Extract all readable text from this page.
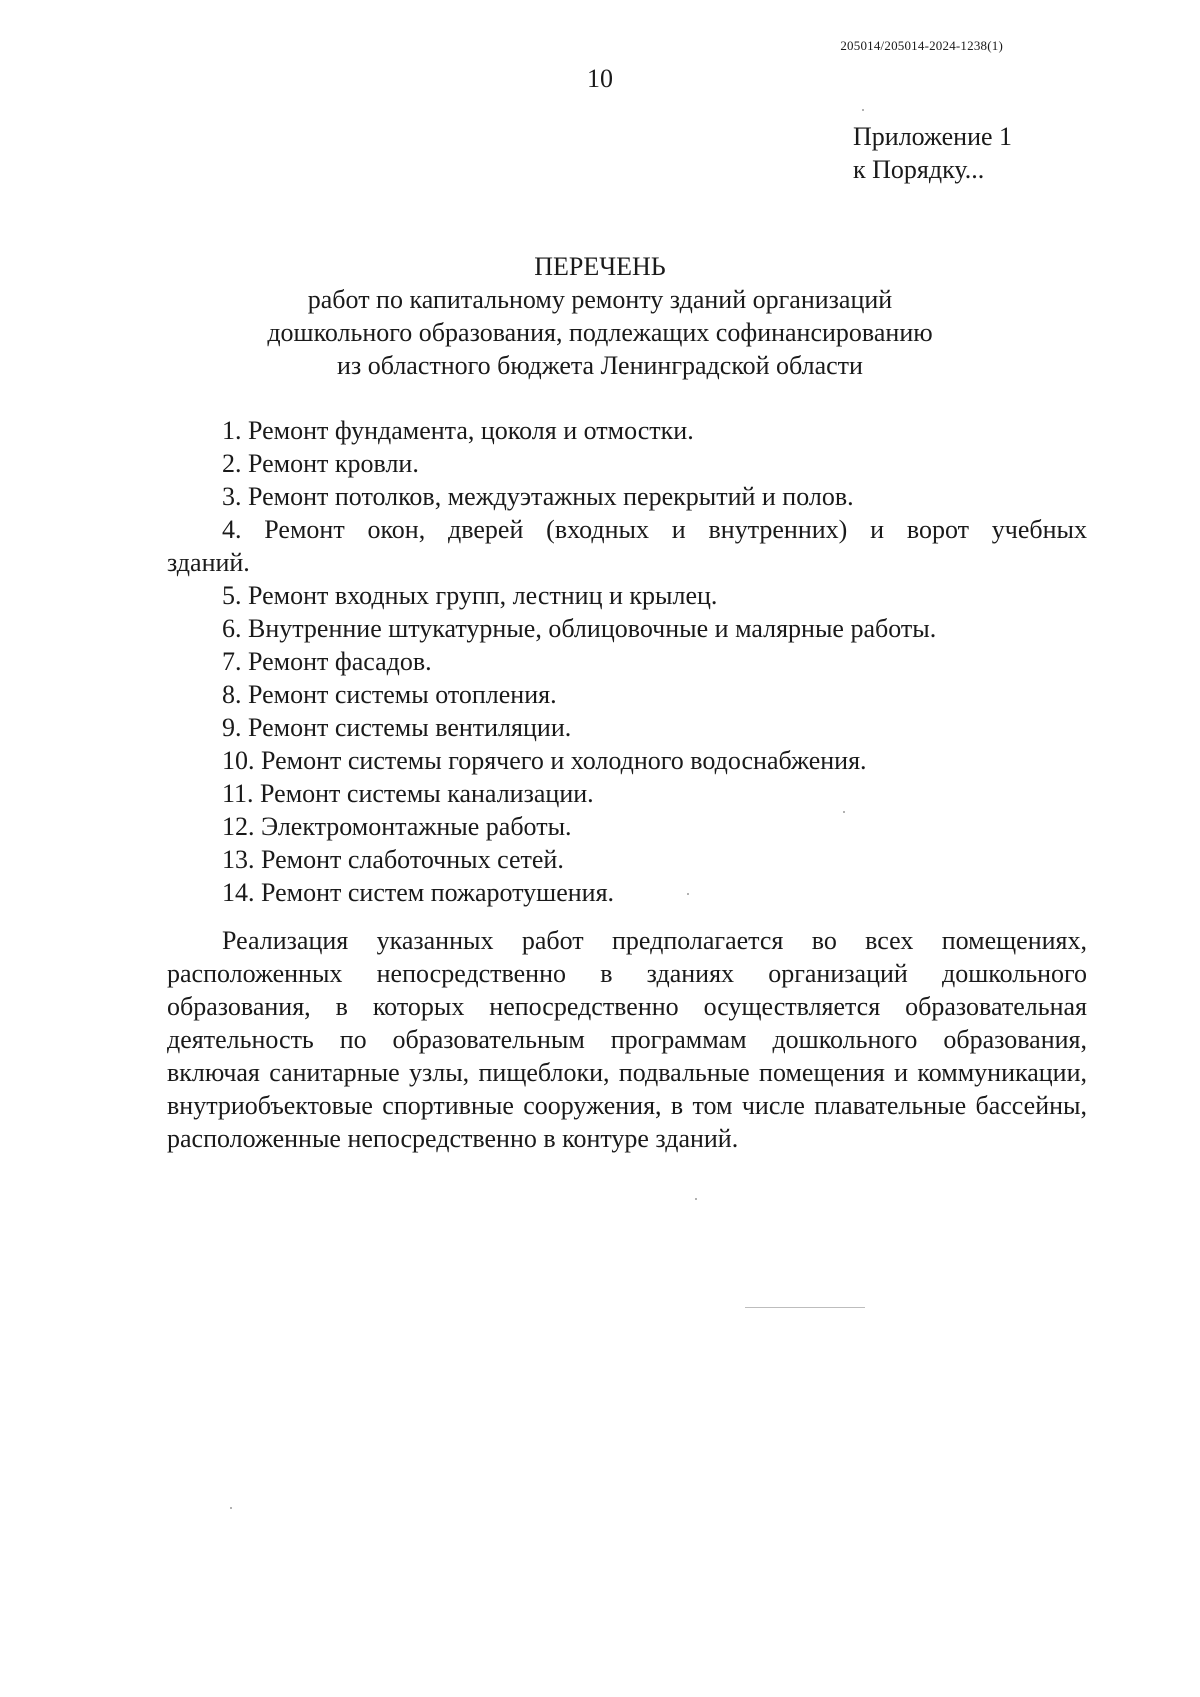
205014/205014-2024-1238(1)
10
Приложение 1
к Порядку...
ПЕРЕЧЕНЬ
работ по капитальному ремонту зданий организаций
дошкольного образования, подлежащих софинансированию
из областного бюджета Ленинградской области
1. Ремонт фундамента, цоколя и отмостки.
2. Ремонт кровли.
3. Ремонт потолков, междуэтажных перекрытий и полов.
4. Ремонт окон, дверей (входных и внутренних) и ворот учебных зданий.
5. Ремонт входных групп, лестниц и крылец.
6. Внутренние штукатурные, облицовочные и малярные работы.
7. Ремонт фасадов.
8. Ремонт системы отопления.
9. Ремонт системы вентиляции.
10. Ремонт системы горячего и холодного водоснабжения.
11. Ремонт системы канализации.
12. Электромонтажные работы.
13. Ремонт слаботочных сетей.
14. Ремонт систем пожаротушения.

Реализация указанных работ предполагается во всех помещениях, расположенных непосредственно в зданиях организаций дошкольного образования, в которых непосредственно осуществляется образовательная деятельность по образовательным программам дошкольного образования, включая санитарные узлы, пищеблоки, подвальные помещения и коммуникации, внутриобъектовые спортивные сооружения, в том числе плавательные бассейны, расположенные непосредственно в контуре зданий.
